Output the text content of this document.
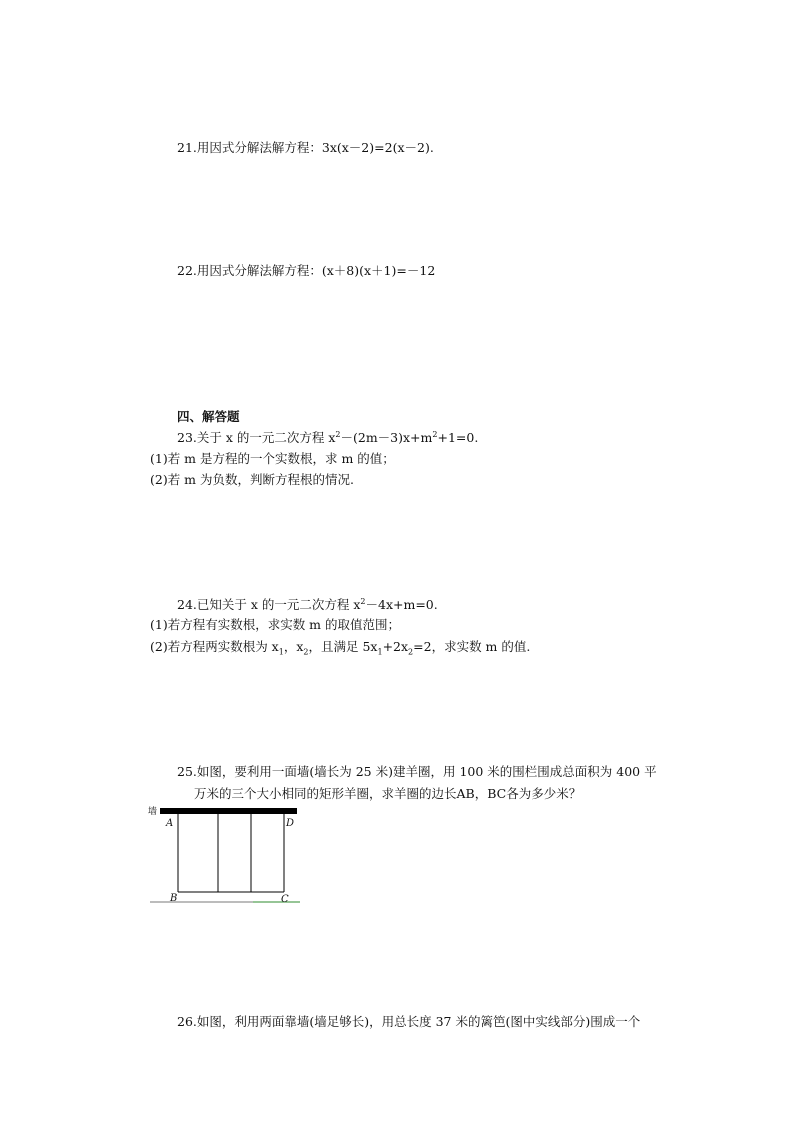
21.用因式分解法解方程：3x(x－2)=2(x－2).
22.用因式分解法解方程：(x＋8)(x＋1)=－12
四、解答题
23.关于 x 的一元二次方程 $x^2-(2m-3)x+m^2+1=0$.
(1)若 m 是方程的一个实数根，求 m 的值；
(2)若 m 为负数，判断方程根的情况.
24.已知关于 x 的一元二次方程 $x^2-4x+m=0$.
(1)若方程有实数根，求实数 m 的取值范围；
(2)若方程两实数根为 $x_1$，$x_2$，且满足 $5x_1+2x_2=2$，求实数 m 的值.
25.如图，要利用一面墙(墙长为 25 米)建羊圈，用 100 米的围栏围成总面积为 400 平
万米的三个大小相同的矩形羊圈，求羊圈的边长AB，BC各为多少米？
墙
A	D
B	C
26.如图，利用两面靠墙(墙足够长)，用总长度 37 米的篱笆(图中实线部分)围成一个
